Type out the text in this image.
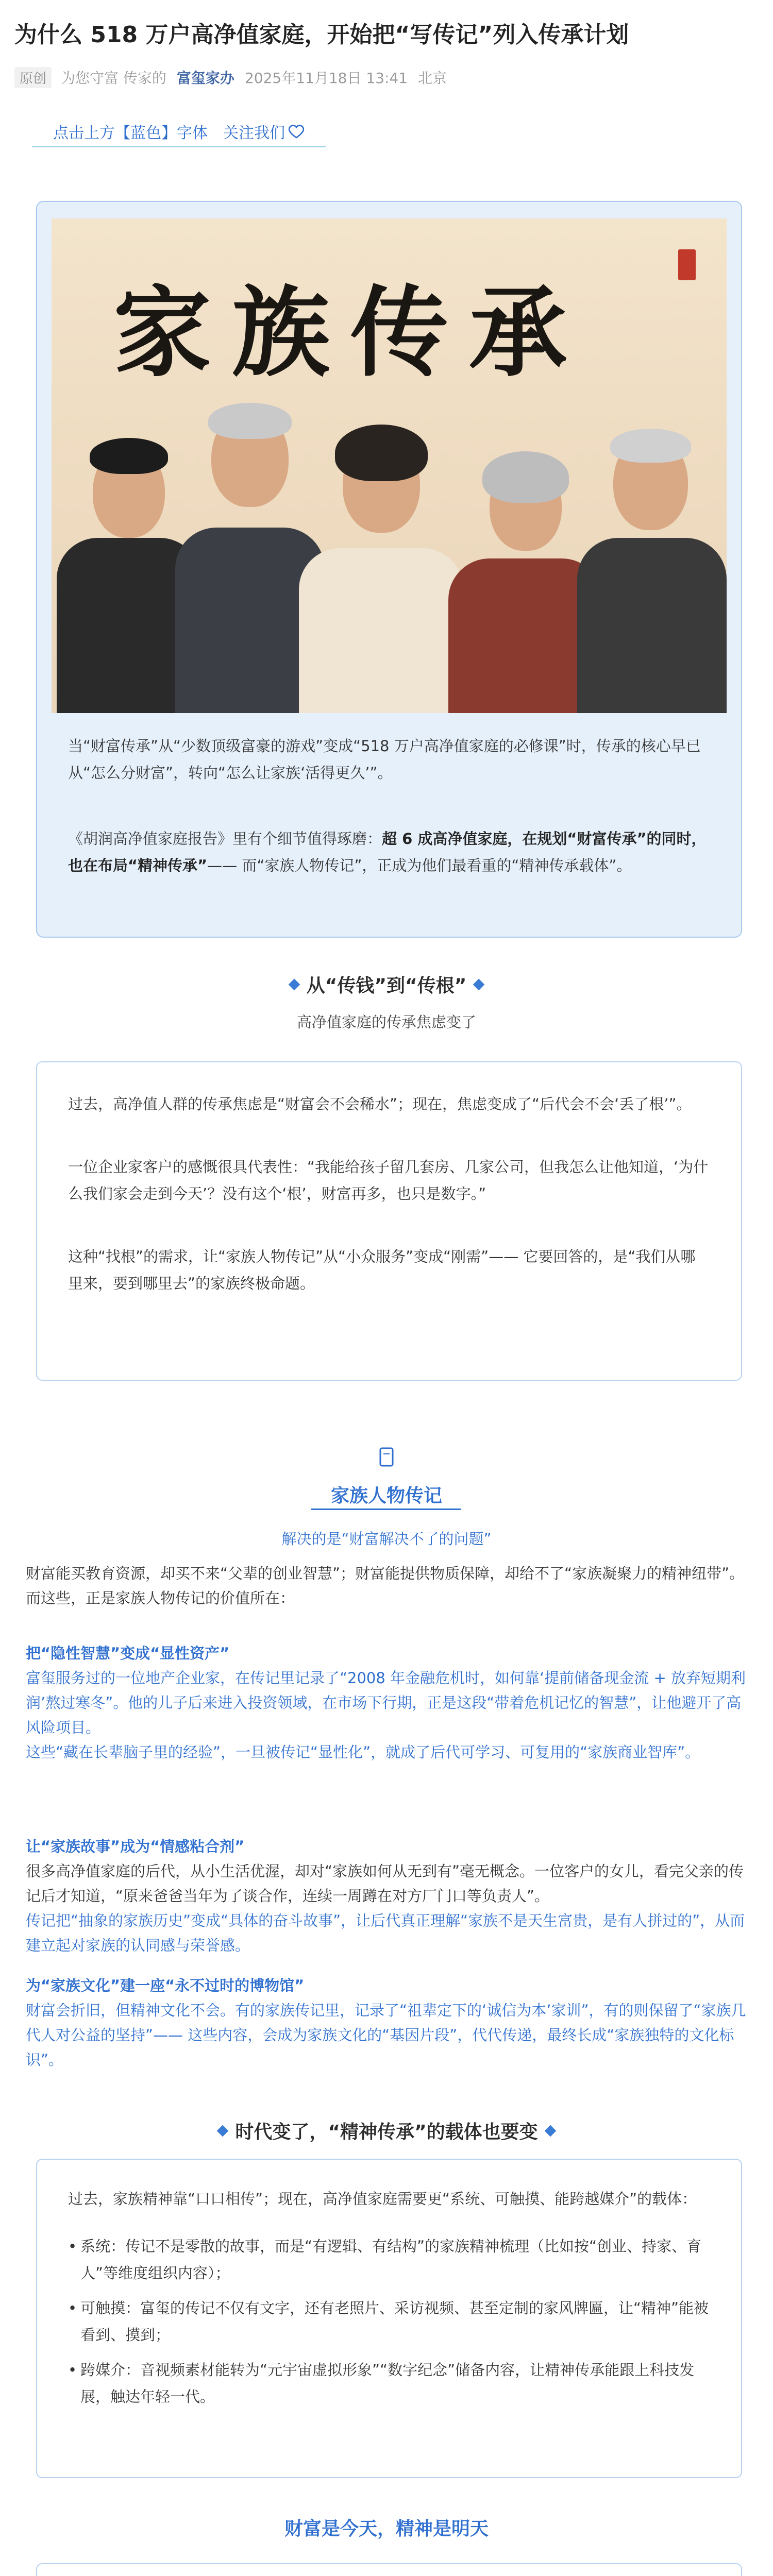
为什么 518 万户高净值家庭，开始把“写传记”列入传承计划
原创	为您守富 传家的 富玺家办 2025年11月18日 13:41 北京
点击上方【蓝色】字体　关注我们
家族传承

当“财富传承”从“少数顶级富豪的游戏”变成“518 万户高净值家庭的必修课”时，传承的核心早已从“怎么分财富”，转向“怎么让家族‘活得更久’”。

《胡润高净值家庭报告》里有个细节值得琢磨：超 6 成高净值家庭，在规划“财富传承”的同时，也在布局“精神传承”—— 而“家族人物传记”，正成为他们最看重的“精神传承载体”。

从“传钱”到“传根”
高净值家庭的传承焦虑变了

过去，高净值人群的传承焦虑是“财富会不会稀水”；现在，焦虑变成了“后代会不会‘丢了根’”。

一位企业家客户的感慨很具代表性：“我能给孩子留几套房、几家公司，但我怎么让他知道，‘为什么我们家会走到今天’？没有这个‘根’，财富再多，也只是数字。”

这种“找根”的需求，让“家族人物传记”从“小众服务”变成“刚需”—— 它要回答的，是“我们从哪里来，要到哪里去”的家族终极命题。

家族人物传记
解决的是“财富解决不了的问题”
财富能买教育资源，却买不来“父辈的创业智慧”；财富能提供物质保障，却给不了“家族凝聚力的精神纽带”。而这些，正是家族人物传记的价值所在：
把“隐性智慧”变成“显性资产”
富玺服务过的一位地产企业家，在传记里记录了“2008 年金融危机时，如何靠‘提前储备现金流 + 放弃短期利润’熬过寒冬”。他的儿子后来进入投资领域，在市场下行期，正是这段“带着危机记忆的智慧”，让他避开了高风险项目。
这些“藏在长辈脑子里的经验”，一旦被传记“显性化”，就成了后代可学习、可复用的“家族商业智库”。
让“家族故事”成为“情感粘合剂”
很多高净值家庭的后代，从小生活优渥，却对“家族如何从无到有”毫无概念。一位客户的女儿，看完父亲的传记后才知道，“原来爸爸当年为了谈合作，连续一周蹲在对方厂门口等负责人”。
传记把“抽象的家族历史”变成“具体的奋斗故事”，让后代真正理解“家族不是天生富贵，是有人拼过的”，从而建立起对家族的认同感与荣誉感。
为“家族文化”建一座“永不过时的博物馆”
财富会折旧，但精神文化不会。有的家族传记里，记录了“祖辈定下的‘诚信为本’家训”，有的则保留了“家族几代人对公益的坚持”—— 这些内容，会成为家族文化的“基因片段”，代代传递，最终长成“家族独特的文化标识”。
时代变了，“精神传承”的载体也要变

过去，家族精神靠“口口相传”；现在，高净值家庭需要更“系统、可触摸、能跨越媒介”的载体：

• 系统：传记不是零散的故事，而是“有逻辑、有结构”的家族精神梳理（比如按“创业、持家、育人”等维度组织内容）；
• 可触摸：富玺的传记不仅有文字，还有老照片、采访视频、甚至定制的家风牌匾，让“精神”能被看到、摸到；
• 跨媒介：音视频素材能转为“元宇宙虚拟形象”“数字纪念”储备内容，让精神传承能跟上科技发展，触达年轻一代。
财富是今天，精神是明天
